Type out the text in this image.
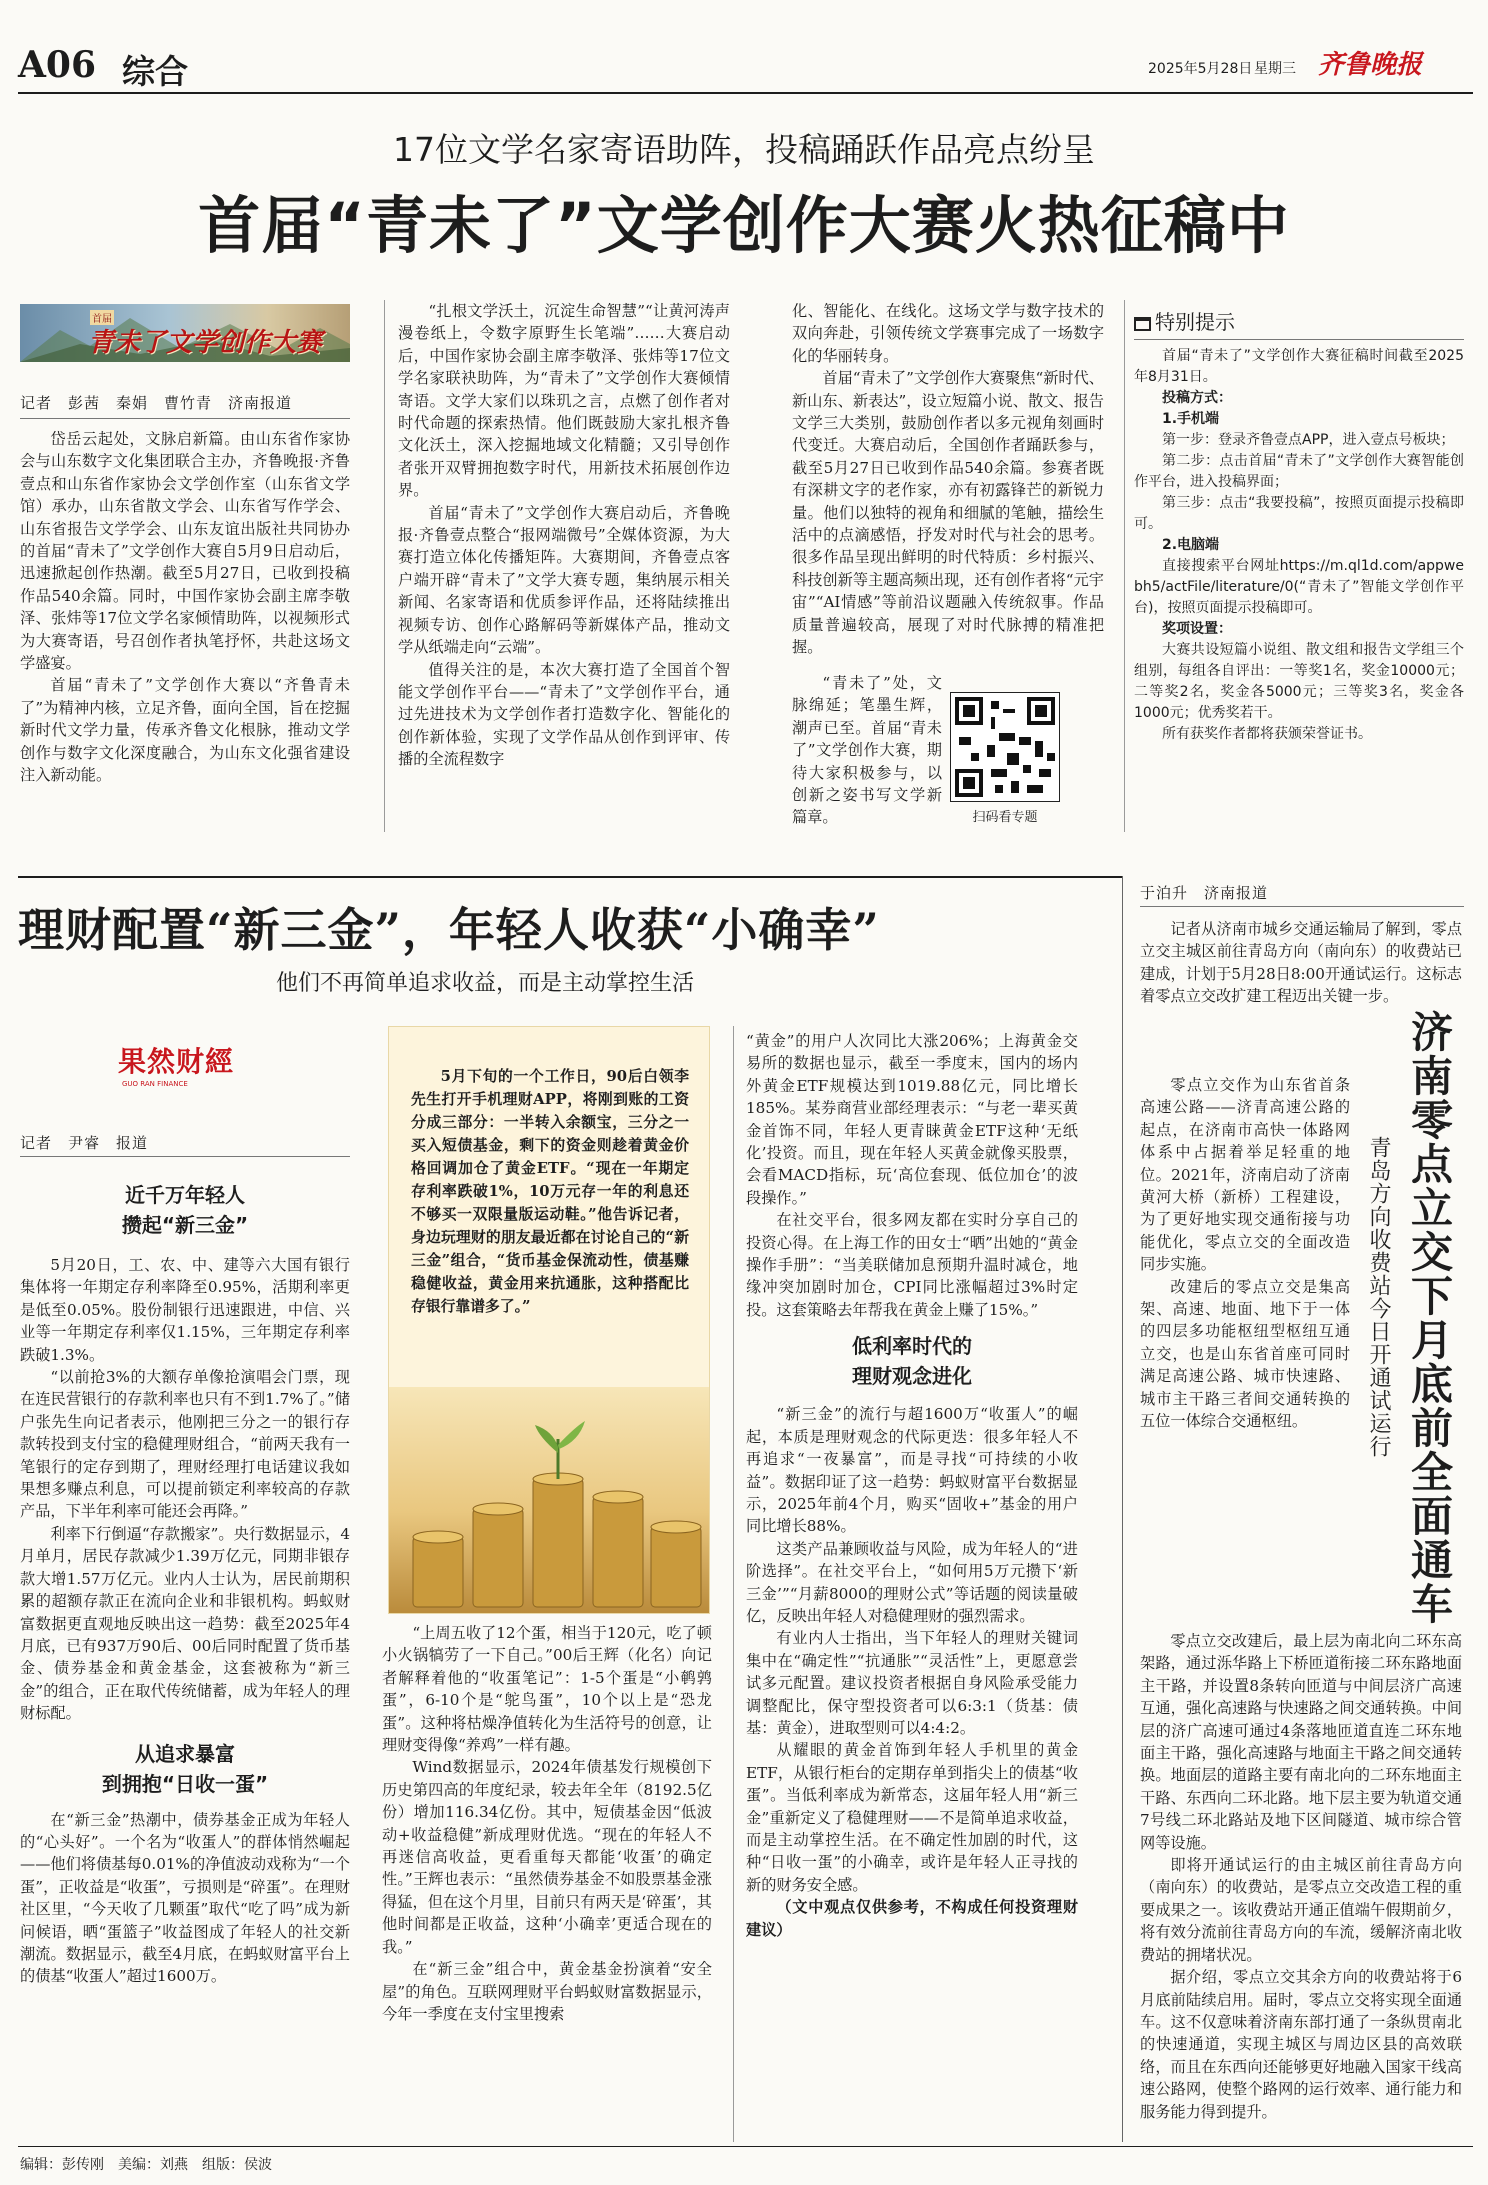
A06 综合	2025年5月28日 星期三 齐鲁晚报
17位文学名家寄语助阵，投稿踊跃作品亮点纷呈
首届“青未了”文学创作大赛火热征稿中
首届
青未了文学创作大赛
记者　彭茜　秦娟　曹竹青　济南报道

岱岳云起处，文脉启新篇。由山东省作家协会与山东数字文化集团联合主办，齐鲁晚报·齐鲁壹点和山东省作家协会文学创作室（山东省文学馆）承办，山东省散文学会、山东省写作学会、山东省报告文学学会、山东友谊出版社共同协办的首届“青未了”文学创作大赛自5月9日启动后，迅速掀起创作热潮。截至5月27日，已收到投稿作品540余篇。同时，中国作家协会副主席李敬泽、张炜等17位文学名家倾情助阵，以视频形式为大赛寄语，号召创作者执笔抒怀，共赴这场文学盛宴。

首届“青未了”文学创作大赛以“齐鲁青未了”为精神内核，立足齐鲁，面向全国，旨在挖掘新时代文学力量，传承齐鲁文化根脉，推动文学创作与数字文化深度融合，为山东文化强省建设注入新动能。

“扎根文学沃土，沉淀生命智慧”“让黄河涛声漫卷纸上，令数字原野生长笔端”……大赛启动后，中国作家协会副主席李敬泽、张炜等17位文学名家联袂助阵，为“青未了”文学创作大赛倾情寄语。文学大家们以珠玑之言，点燃了创作者对时代命题的探索热情。他们既鼓励大家扎根齐鲁文化沃土，深入挖掘地域文化精髓；又引导创作者张开双臂拥抱数字时代，用新技术拓展创作边界。

首届“青未了”文学创作大赛启动后，齐鲁晚报·齐鲁壹点整合“报网端微号”全媒体资源，为大赛打造立体化传播矩阵。大赛期间，齐鲁壹点客户端开辟“青未了”文学大赛专题，集纳展示相关新闻、名家寄语和优质参评作品，还将陆续推出视频专访、创作心路解码等新媒体产品，推动文学从纸端走向“云端”。

值得关注的是，本次大赛打造了全国首个智能文学创作平台——“青未了”文学创作平台，通过先进技术为文学创作者打造数字化、智能化的创作新体验，实现了文学作品从创作到评审、传播的全流程数字

化、智能化、在线化。这场文学与数字技术的双向奔赴，引领传统文学赛事完成了一场数字化的华丽转身。

首届“青未了”文学创作大赛聚焦“新时代、新山东、新表达”，设立短篇小说、散文、报告文学三大类别，鼓励创作者以多元视角刻画时代变迁。大赛启动后，全国创作者踊跃参与，截至5月27日已收到作品540余篇。参赛者既有深耕文字的老作家，亦有初露锋芒的新锐力量。他们以独特的视角和细腻的笔触，描绘生活中的点滴感悟，抒发对时代与社会的思考。很多作品呈现出鲜明的时代特质：乡村振兴、科技创新等主题高频出现，还有创作者将“元宇宙”“AI情感”等前沿议题融入传统叙事。作品质量普遍较高，展现了对时代脉搏的精准把握。

“青未了”处，文脉绵延；笔墨生辉，潮声已至。首届“青未了”文学创作大赛，期待大家积极参与，以创新之姿书写文学新篇章。	扫码看专题
特别提示

首届“青未了”文学创作大赛征稿时间截至2025年8月31日。

投稿方式：

1.手机端

第一步：登录齐鲁壹点APP，进入壹点号板块；

第二步：点击首届“青未了”文学创作大赛智能创作平台，进入投稿界面；

第三步：点击“我要投稿”，按照页面提示投稿即可。

2.电脑端

直接搜索平台网址https://m.ql1d.com/appwebh5/actFile/literature/0(“青未了”智能文学创作平台)，按照页面提示投稿即可。

奖项设置：

大赛共设短篇小说组、散文组和报告文学组三个组别，每组各自评出：一等奖1名，奖金10000元；二等奖2名，奖金各5000元；三等奖3名，奖金各1000元；优秀奖若干。

所有获奖作者都将获颁荣誉证书。

理财配置“新三金”，年轻人收获“小确幸”
他们不再简单追求收益，而是主动掌控生活
果然财經
GUO RAN FINANCE
记者　尹睿　报道
近千万年轻人
攒起“新三金”

5月20日，工、农、中、建等六大国有银行集体将一年期定存利率降至0.95%，活期利率更是低至0.05%。股份制银行迅速跟进，中信、兴业等一年期定存利率仅1.15%，三年期定存利率跌破1.3%。

“以前抢3%的大额存单像抢演唱会门票，现在连民营银行的存款利率也只有不到1.7%了。”储户张先生向记者表示，他刚把三分之一的银行存款转投到支付宝的稳健理财组合，“前两天我有一笔银行的定存到期了，理财经理打电话建议我如果想多赚点利息，可以提前锁定利率较高的存款产品，下半年利率可能还会再降。”

利率下行倒逼“存款搬家”。央行数据显示，4月单月，居民存款减少1.39万亿元，同期非银存款大增1.57万亿元。业内人士认为，居民前期积累的超额存款正在流向企业和非银机构。蚂蚁财富数据更直观地反映出这一趋势：截至2025年4月底，已有937万90后、00后同时配置了货币基金、债券基金和黄金基金，这套被称为“新三金”的组合，正在取代传统储蓄，成为年轻人的理财标配。

从追求暴富
到拥抱“日收一蛋”

在“新三金”热潮中，债券基金正成为年轻人的“心头好”。一个名为“收蛋人”的群体悄然崛起——他们将债基每0.01%的净值波动戏称为“一个蛋”，正收益是“收蛋”，亏损则是“碎蛋”。在理财社区里，“今天收了几颗蛋”取代“吃了吗”成为新问候语，晒“蛋篮子”收益图成了年轻人的社交新潮流。数据显示，截至4月底，在蚂蚁财富平台上的债基“收蛋人”超过1600万。

5月下旬的一个工作日，90后白领李先生打开手机理财APP，将刚到账的工资分成三部分：一半转入余额宝，三分之一买入短债基金，剩下的资金则趁着黄金价格回调加仓了黄金ETF。“现在一年期定存利率跌破1%，10万元存一年的利息还不够买一双限量版运动鞋。”他告诉记者，身边玩理财的朋友最近都在讨论自己的“新三金”组合，“货币基金保流动性，债基赚稳健收益，黄金用来抗通胀，这种搭配比存银行靠谱多了。”

“上周五收了12个蛋，相当于120元，吃了顿小火锅犒劳了一下自己。”00后王辉（化名）向记者解释着他的“收蛋笔记”：1-5个蛋是“小鹌鹑蛋”，6-10个是“鸵鸟蛋”，10个以上是“恐龙蛋”。这种将枯燥净值转化为生活符号的创意，让理财变得像“养鸡”一样有趣。

Wind数据显示，2024年债基发行规模创下历史第四高的年度纪录，较去年全年（8192.5亿份）增加116.34亿份。其中，短债基金因“低波动+收益稳健”新成理财优选。“现在的年轻人不再迷信高收益，更看重每天都能‘收蛋’的确定性。”王辉也表示：“虽然债券基金不如股票基金涨得猛，但在这个月里，目前只有两天是‘碎蛋’，其他时间都是正收益，这种‘小确幸’更适合现在的我。”

在“新三金”组合中，黄金基金扮演着“安全屋”的角色。互联网理财平台蚂蚁财富数据显示，今年一季度在支付宝里搜索

“黄金”的用户人次同比大涨206%；上海黄金交易所的数据也显示，截至一季度末，国内的场内外黄金ETF规模达到1019.88亿元，同比增长185%。某券商营业部经理表示：“与老一辈买黄金首饰不同，年轻人更青睐黄金ETF这种‘无纸化’投资。而且，现在年轻人买黄金就像买股票，会看MACD指标，玩‘高位套现、低位加仓’的波段操作。”

在社交平台，很多网友都在实时分享自己的投资心得。在上海工作的田女士“晒”出她的“黄金操作手册”：“当美联储加息预期升温时减仓，地缘冲突加剧时加仓，CPI同比涨幅超过3%时定投。这套策略去年帮我在黄金上赚了15%。”

低利率时代的
理财观念进化

“新三金”的流行与超1600万“收蛋人”的崛起，本质是理财观念的代际更迭：很多年轻人不再追求“一夜暴富”，而是寻找“可持续的小收益”。数据印证了这一趋势：蚂蚁财富平台数据显示，2025年前4个月，购买“固收+”基金的用户同比增长88%。

这类产品兼顾收益与风险，成为年轻人的“进阶选择”。在社交平台上，“如何用5万元攒下‘新三金’”“月薪8000的理财公式”等话题的阅读量破亿，反映出年轻人对稳健理财的强烈需求。

有业内人士指出，当下年轻人的理财关键词集中在“确定性”“抗通胀”“灵活性”上，更愿意尝试多元配置。建议投资者根据自身风险承受能力调整配比，保守型投资者可以6:3:1（货基：债基：黄金），进取型则可以4:4:2。

从耀眼的黄金首饰到年轻人手机里的黄金ETF，从银行柜台的定期存单到指尖上的债基“收蛋”。当低利率成为新常态，这届年轻人用“新三金”重新定义了稳健理财——不是简单追求收益，而是主动掌控生活。在不确定性加剧的时代，这种“日收一蛋”的小确幸，或许是年轻人正寻找的新的财务安全感。

（文中观点仅供参考，不构成任何投资理财建议）

于泊升　济南报道
济南零点立交下月底前全面通车
青岛方向收费站今日开通试运行

记者从济南市城乡交通运输局了解到，零点立交主城区前往青岛方向（南向东）的收费站已建成，计划于5月28日8:00开通试运行。这标志着零点立交改扩建工程迈出关键一步。

零点立交作为山东省首条高速公路——济青高速公路的起点，在济南市高快一体路网体系中占据着举足轻重的地位。2021年，济南启动了济南黄河大桥（新桥）工程建设，为了更好地实现交通衔接与功能优化，零点立交的全面改造同步实施。

改建后的零点立交是集高架、高速、地面、地下于一体的四层多功能枢纽型枢纽互通立交，也是山东省首座可同时满足高速公路、城市快速路、城市主干路三者间交通转换的五位一体综合交通枢纽。

零点立交改建后，最上层为南北向二环东高架路，通过泺华路上下桥匝道衔接二环东路地面主干路，并设置8条转向匝道与中间层济广高速互通，强化高速路与快速路之间交通转换。中间层的济广高速可通过4条落地匝道直连二环东地面主干路，强化高速路与地面主干路之间交通转换。地面层的道路主要有南北向的二环东地面主干路、东西向二环北路。地下层主要为轨道交通7号线二环北路站及地下区间隧道、城市综合管网等设施。

即将开通试运行的由主城区前往青岛方向（南向东）的收费站，是零点立交改造工程的重要成果之一。该收费站开通正值端午假期前夕，将有效分流前往青岛方向的车流，缓解济南北收费站的拥堵状况。

据介绍，零点立交其余方向的收费站将于6月底前陆续启用。届时，零点立交将实现全面通车。这不仅意味着济南东部打通了一条纵贯南北的快速通道，实现主城区与周边区县的高效联络，而且在东西向还能够更好地融入国家干线高速公路网，使整个路网的运行效率、通行能力和服务能力得到提升。

编辑：彭传刚　美编：刘燕　组版：侯波
